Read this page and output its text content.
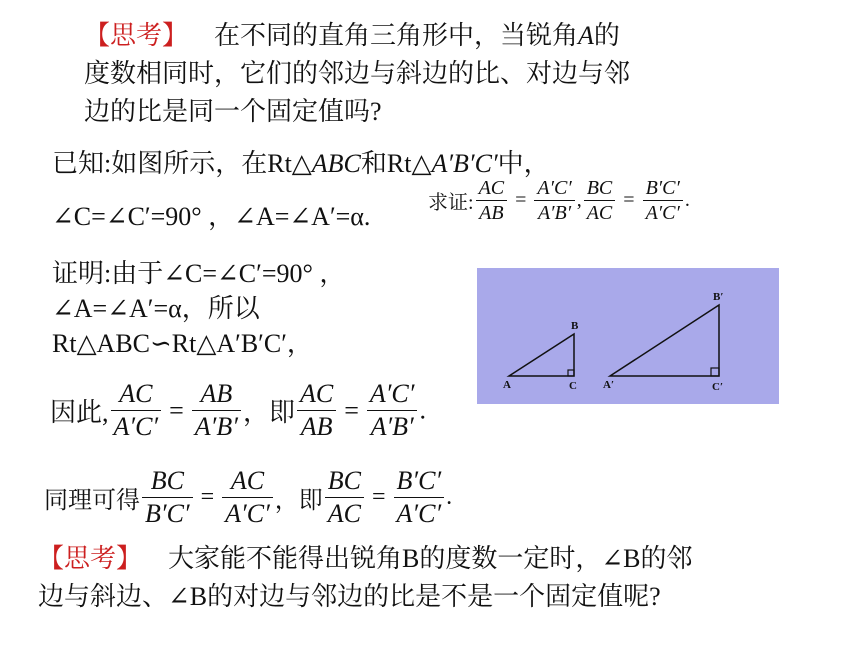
【思考】 在不同的直角三角形中，当锐角A的
度数相同时，它们的邻边与斜边的比、对边与邻
边的比是同一个固定值吗?
已知:如图所示，在Rt△ABC和Rt△A′B′C′中，
∠C=∠C′=90° ，∠A=∠A′=α.	求证: $\frac{AC}{AB} = \frac{A'C'}{A'B'}$ , $\frac{BC}{AC} = \frac{B'C'}{A'C'}$ .
证明:由于∠C=∠C′=90° ，
∠A=∠A′=α，所以
Rt△ABC∽Rt△A′B′C′，
A
B
C A′
B′
C′
因此, $\frac{AC}{A'C'} = \frac{AB}{A'B'}$ ，即 $\frac{AC}{AB} = \frac{A'C'}{A'B'}$ .
同理可得 $\frac{BC}{B'C'} = \frac{AC}{A'C'}$ ，即 $\frac{BC}{AC} = \frac{B'C'}{A'C'}$ .
【思考】 大家能不能得出锐角B的度数一定时，∠B的邻
边与斜边、∠B的对边与邻边的比是不是一个固定值呢?
